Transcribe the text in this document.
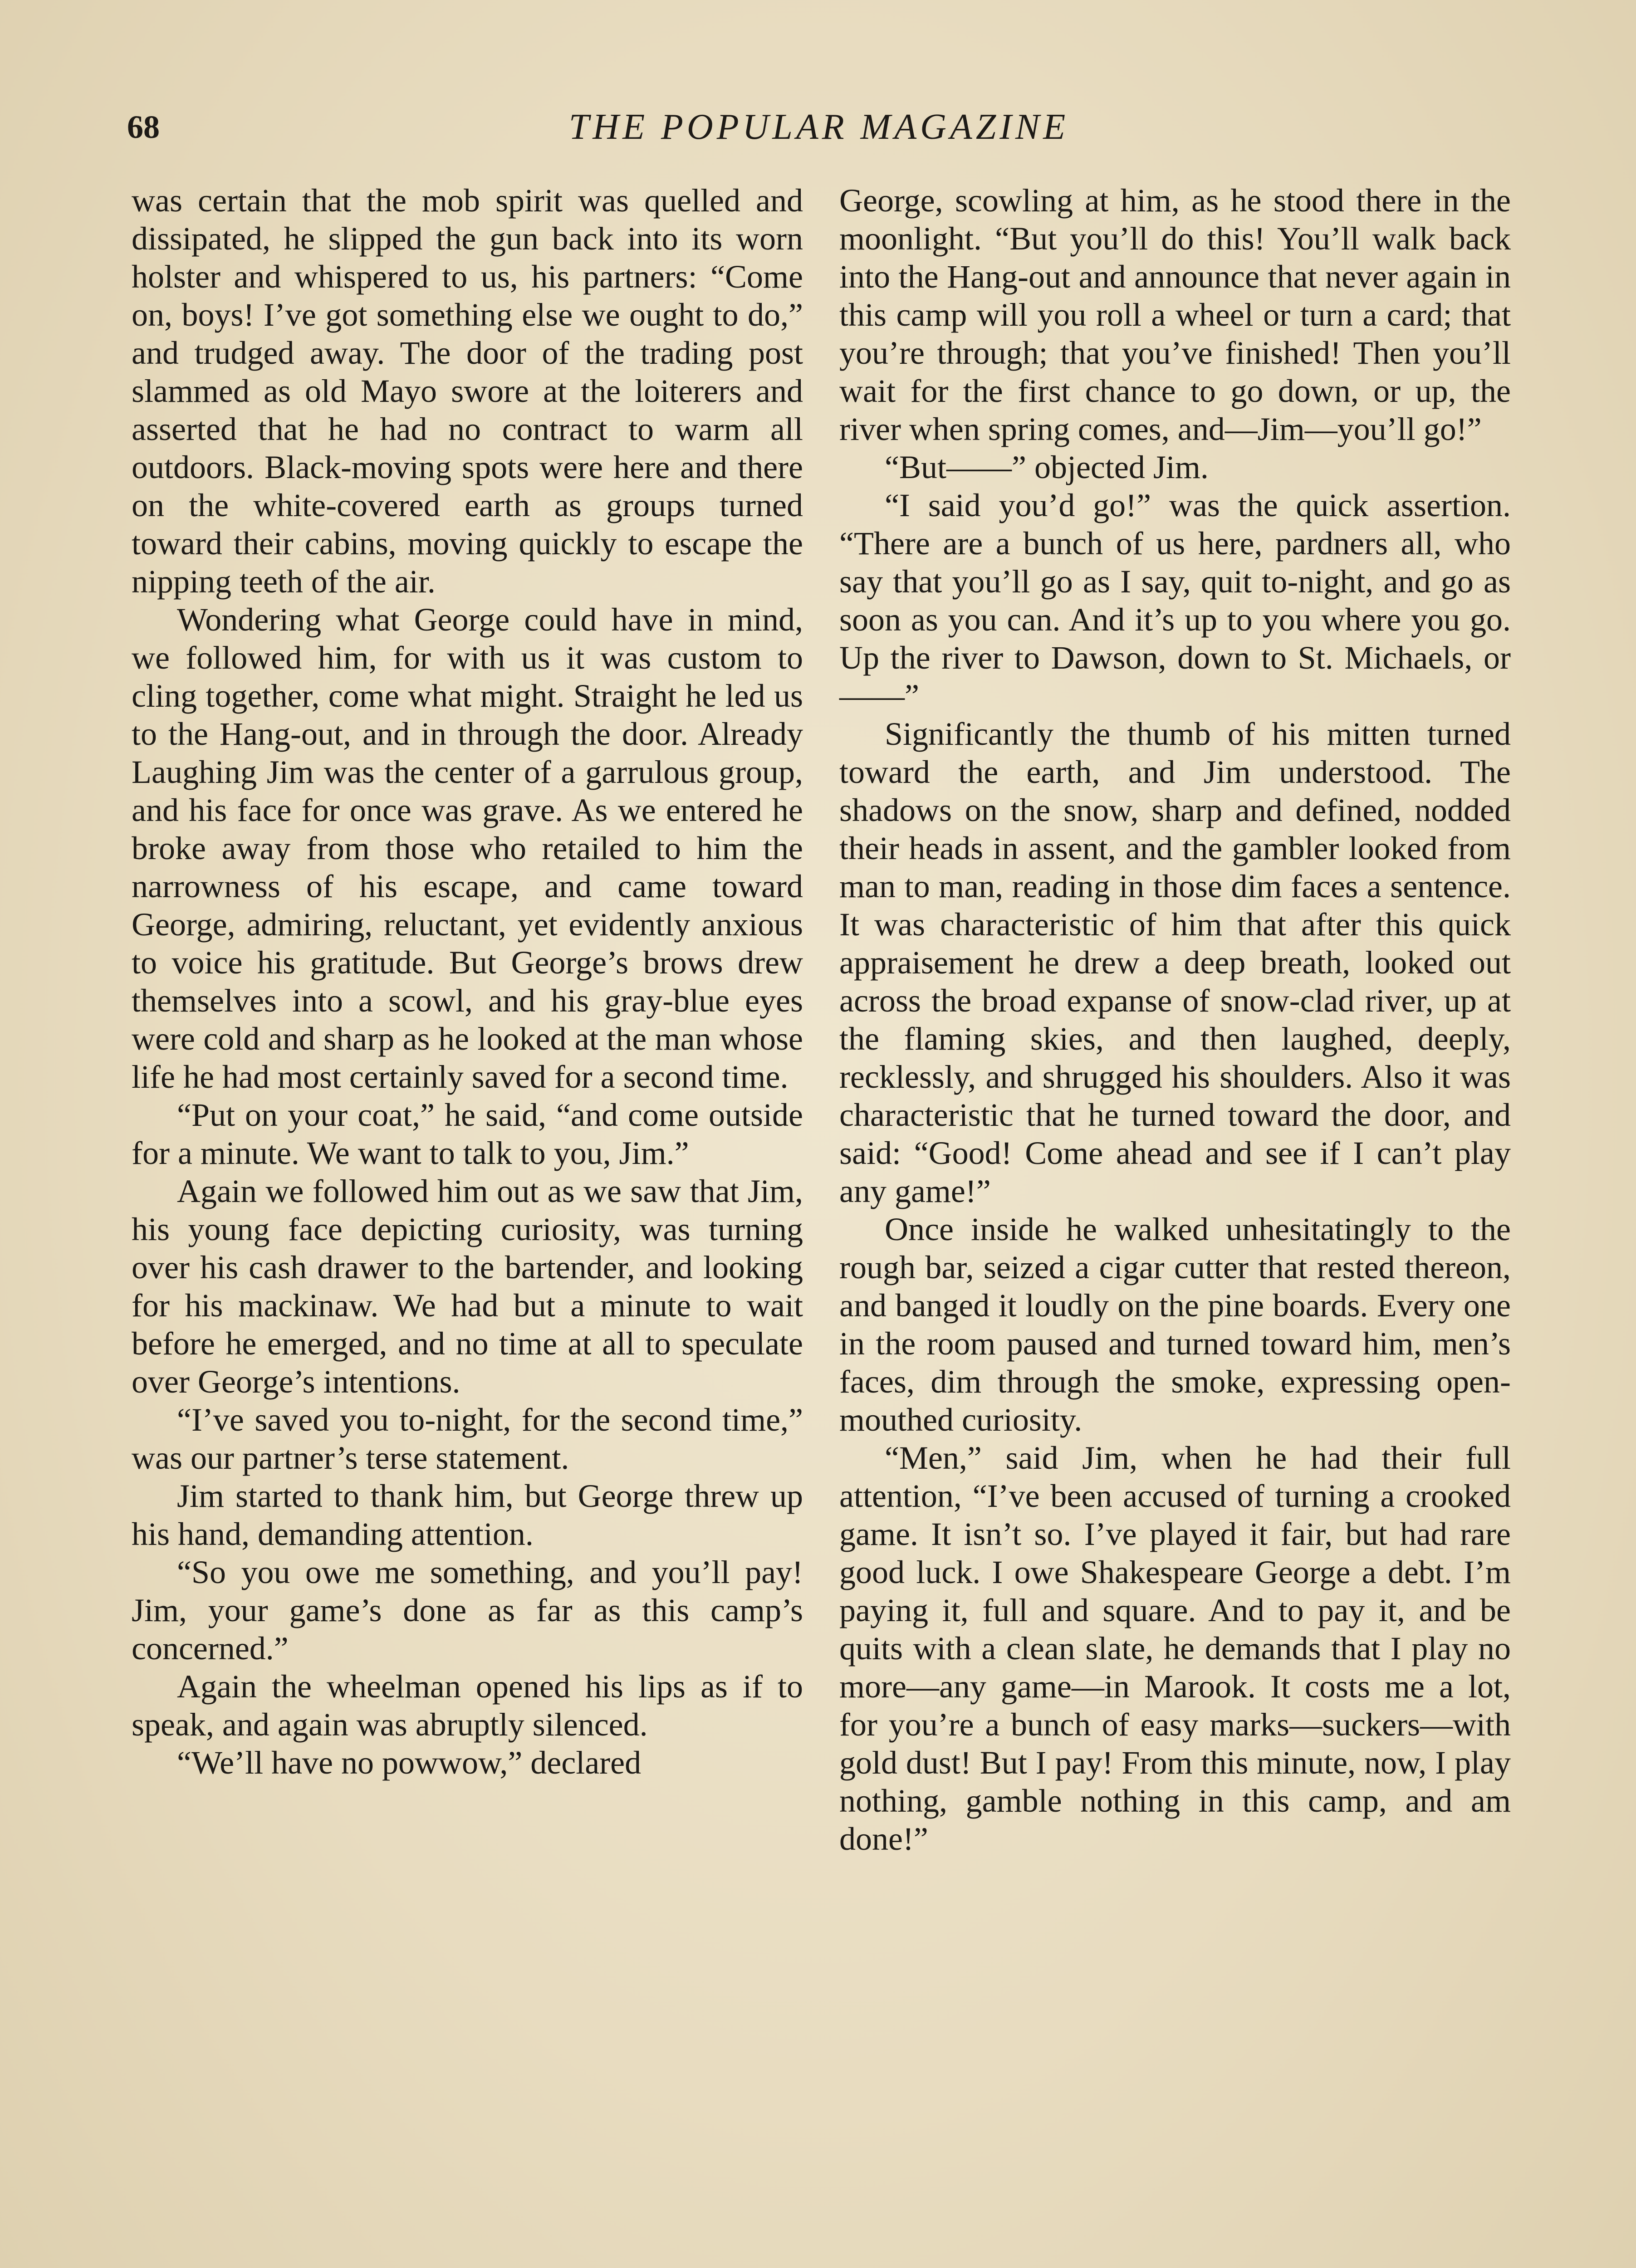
68	THE POPULAR MAGAZINE

was certain that the mob spirit was quelled and dissipated, he slipped the gun back into its worn holster and whispered to us, his partners: “Come on, boys! I’ve got something else we ought to do,” and trudged away. The door of the trading post slammed as old Mayo swore at the loiterers and asserted that he had no contract to warm all outdoors. Black-moving spots were here and there on the white-covered earth as groups turned toward their cabins, moving quickly to escape the nipping teeth of the air.

Wondering what George could have in mind, we followed him, for with us it was custom to cling together, come what might. Straight he led us to the Hang-out, and in through the door. Already Laughing Jim was the center of a garrulous group, and his face for once was grave. As we entered he broke away from those who retailed to him the narrowness of his escape, and came toward George, admiring, reluctant, yet evidently anxious to voice his gratitude. But George’s brows drew themselves into a scowl, and his gray-blue eyes were cold and sharp as he looked at the man whose life he had most certainly saved for a second time.

“Put on your coat,” he said, “and come outside for a minute. We want to talk to you, Jim.”

Again we followed him out as we saw that Jim, his young face depicting curiosity, was turning over his cash drawer to the bartender, and looking for his mackinaw. We had but a minute to wait before he emerged, and no time at all to speculate over George’s intentions.

“I’ve saved you to-night, for the second time,” was our partner’s terse statement.

Jim started to thank him, but George threw up his hand, demanding attention.

“So you owe me something, and you’ll pay! Jim, your game’s done as far as this camp’s concerned.”

Again the wheelman opened his lips as if to speak, and again was abruptly silenced.

“We’ll have no powwow,” declared

George, scowling at him, as he stood there in the moonlight. “But you’ll do this! You’ll walk back into the Hang-out and announce that never again in this camp will you roll a wheel or turn a card; that you’re through; that you’ve finished! Then you’ll wait for the first chance to go down, or up, the river when spring comes, and—Jim—you’ll go!”

“But——” objected Jim.

“I said you’d go!” was the quick assertion. “There are a bunch of us here, pardners all, who say that you’ll go as I say, quit to-night, and go as soon as you can. And it’s up to you where you go. Up the river to Dawson, down to St. Michaels, or——”

Significantly the thumb of his mitten turned toward the earth, and Jim understood. The shadows on the snow, sharp and defined, nodded their heads in assent, and the gambler looked from man to man, reading in those dim faces a sentence. It was characteristic of him that after this quick appraisement he drew a deep breath, looked out across the broad expanse of snow-clad river, up at the flaming skies, and then laughed, deeply, recklessly, and shrugged his shoulders. Also it was characteristic that he turned toward the door, and said: “Good! Come ahead and see if I can’t play any game!”

Once inside he walked unhesitatingly to the rough bar, seized a cigar cutter that rested thereon, and banged it loudly on the pine boards. Every one in the room paused and turned toward him, men’s faces, dim through the smoke, expressing open-mouthed curiosity.

“Men,” said Jim, when he had their full attention, “I’ve been accused of turning a crooked game. It isn’t so. I’ve played it fair, but had rare good luck. I owe Shakespeare George a debt. I’m paying it, full and square. And to pay it, and be quits with a clean slate, he demands that I play no more—any game—in Marook. It costs me a lot, for you’re a bunch of easy marks—suckers—with gold dust! But I pay! From this minute, now, I play nothing, gamble nothing in this camp, and am done!”
